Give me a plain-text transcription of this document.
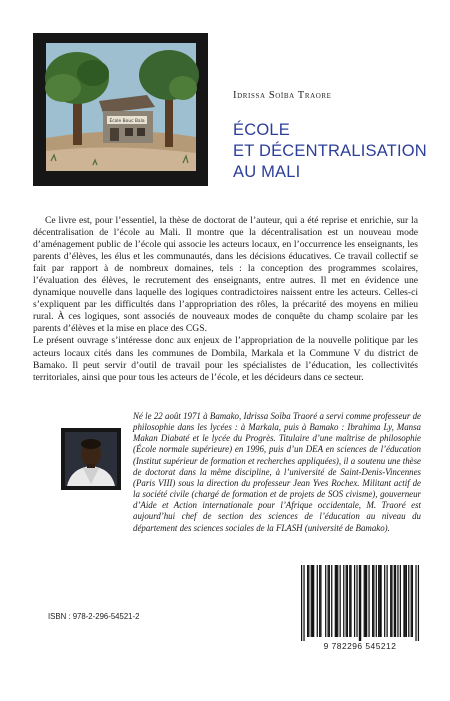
École Bouc Bala
Idrissa Soïba Traore
ÉCOLE
ET DÉCENTRALISATION
AU MALI

Ce livre est, pour l’essentiel, la thèse de doctorat de l’auteur, qui a été reprise et enrichie, sur la décentralisation de l’école au Mali. Il montre que la décentralisation est un nouveau mode d’aménagement public de l’école qui associe les acteurs locaux, en l’occurrence les enseignants, les parents d’élèves, les élus et les communautés, dans les décisions éducatives. Ce travail collectif se fait par rapport à de nombreux domaines, tels : la conception des programmes scolaires, l’évaluation des élèves, le recrutement des enseignants, entre autres. Il met en évidence une dynamique nouvelle dans laquelle des logiques contradictoires naissent entre les acteurs. Celles-ci s’expliquent par les difficultés dans l’appropriation des rôles, la précarité des moyens en milieu rural. À ces logiques, sont associés de nouveaux modes de conquête du champ scolaire par les parents d’élèves et la mise en place des CGS.

Le présent ouvrage s’intéresse donc aux enjeux de l’appropriation de la nouvelle politique par les acteurs locaux cités dans les communes de Dombila, Markala et la Commune V du district de Bamako. Il peut servir d’outil de travail pour les spécialistes de l’éducation, les collectivités territoriales, ainsi que pour tous les acteurs de l’école, et les décideurs dans ce secteur.

Né le 22 août 1971 à Bamako, Idrissa Soïba Traoré a servi comme professeur de philosophie dans les lycées : à Markala, puis à Bamako : Ibrahima Ly, Mansa Makan Diabaté et le lycée du Progrès. Titulaire d’une maîtrise de philosophie (École normale supérieure) en 1996, puis d’un DEA en sciences de l’éducation (Institut supérieur de formation et recherches appliquées), il a soutenu une thèse de doctorat dans la même discipline, à l’université de Saint-Denis-Vincennes (Paris VIII) sous la direction du professeur Jean Yves Rochex. Militant actif de la société civile (chargé de formation et de projets de SOS civisme), gouverneur d’Aide et Action internationale pour l’Afrique occidentale, M. Traoré est aujourd’hui chef de section des sciences de l’éducation au niveau du département des sciences sociales de la FLASH (université de Bamako).

ISBN : 978-2-296-54521-2
9 782296 545212
